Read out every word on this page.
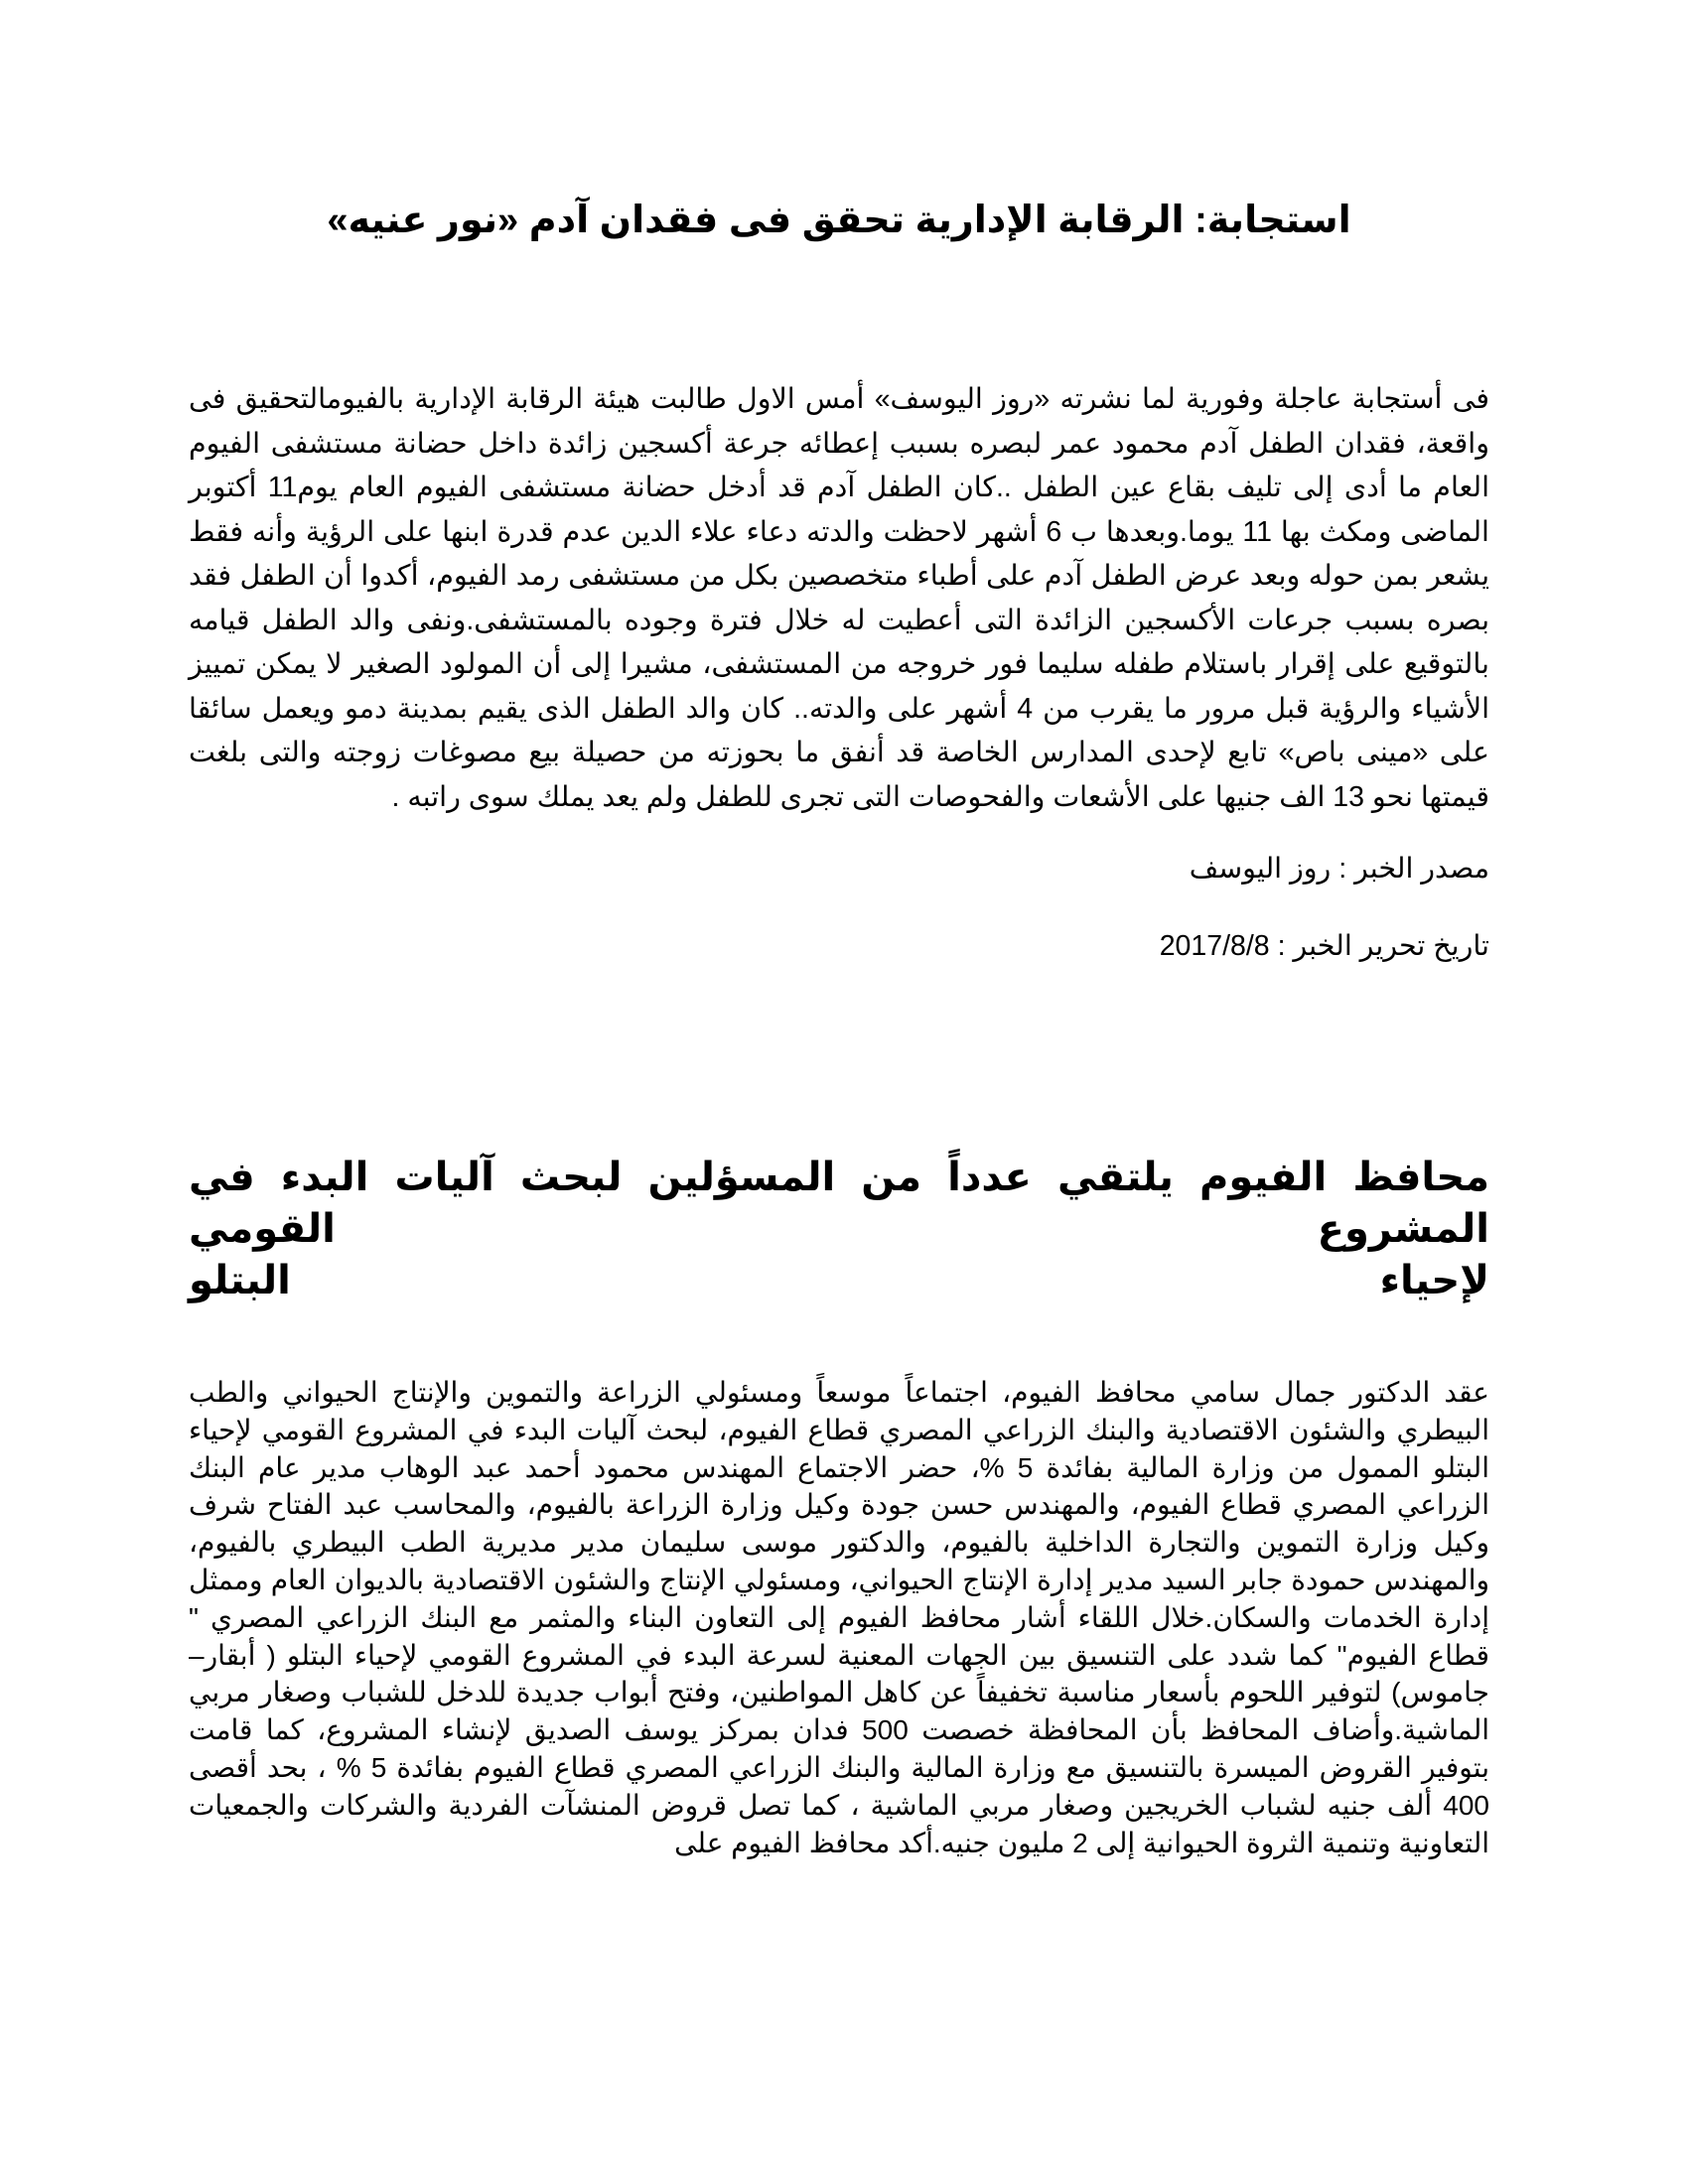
استجابة: الرقابة الإدارية تحقق فى فقدان آدم «نور عنيه»

فى أستجابة عاجلة وفورية لما نشرته «روز اليوسف» أمس الاول طالبت هيئة الرقابة الإدارية بالفيومالتحقيق فى واقعة، فقدان الطفل آدم محمود عمر لبصره بسبب إعطائه جرعة أكسجين زائدة داخل حضانة مستشفى الفيوم العام ما أدى إلى تليف بقاع عين الطفل ..كان الطفل آدم قد أدخل حضانة مستشفى الفيوم العام يوم11 أكتوبر الماضى ومكث بها 11 يوما.وبعدها ب 6 أشهر لاحظت والدته دعاء علاء الدين عدم قدرة ابنها على الرؤية وأنه فقط يشعر بمن حوله وبعد عرض الطفل آدم على أطباء متخصصين بكل من مستشفى رمد الفيوم، أكدوا أن الطفل فقد بصره بسبب جرعات الأكسجين الزائدة التى أعطيت له خلال فترة وجوده بالمستشفى.ونفى والد الطفل قيامه بالتوقيع على إقرار باستلام طفله سليما فور خروجه من المستشفى، مشيرا إلى أن المولود الصغير لا يمكن تمييز الأشياء والرؤية قبل مرور ما يقرب من 4 أشهر على والدته.. كان والد الطفل الذى يقيم بمدينة دمو ويعمل سائقا على «مينى باص» تابع لإحدى المدارس الخاصة قد أنفق ما بحوزته من حصيلة بيع مصوغات زوجته والتى بلغت قيمتها نحو 13 الف جنيها على الأشعات والفحوصات التى تجرى للطفل ولم يعد يملك سوى راتبه .

مصدر الخبر : روز اليوسف

تاريخ تحرير الخبر : 2017/8/8

محافظ الفيوم يلتقي عدداً من المسؤلين لبحث آليات البدء في المشروع القومي
لإحياء
البتلو

عقد الدكتور جمال سامي محافظ الفيوم، اجتماعاً موسعاً ومسئولي الزراعة والتموين والإنتاج الحيواني والطب البيطري والشئون الاقتصادية والبنك الزراعي المصري قطاع الفيوم، لبحث آليات البدء في المشروع القومي لإحياء البتلو الممول من وزارة المالية بفائدة 5 %، حضر الاجتماع المهندس محمود أحمد عبد الوهاب مدير عام البنك الزراعي المصري قطاع الفيوم، والمهندس حسن جودة وكيل وزارة الزراعة بالفيوم، والمحاسب عبد الفتاح شرف وكيل وزارة التموين والتجارة الداخلية بالفيوم، والدكتور موسى سليمان مدير مديرية الطب البيطري بالفيوم، والمهندس حمودة جابر السيد مدير إدارة الإنتاج الحيواني، ومسئولي الإنتاج والشئون الاقتصادية بالديوان العام وممثل إدارة الخدمات والسكان.خلال اللقاء أشار محافظ الفيوم إلى التعاون البناء والمثمر مع البنك الزراعي المصري " قطاع الفيوم" كما شدد على التنسيق بين الجهات المعنية لسرعة البدء في المشروع القومي لإحياء البتلو ( أبقار– جاموس) لتوفير اللحوم بأسعار مناسبة تخفيفاً عن كاهل المواطنين، وفتح أبواب جديدة للدخل للشباب وصغار مربي الماشية.وأضاف المحافظ بأن المحافظة خصصت 500 فدان بمركز يوسف الصديق لإنشاء المشروع، كما قامت بتوفير القروض الميسرة بالتنسيق مع وزارة المالية والبنك الزراعي المصري قطاع الفيوم بفائدة 5 % ، بحد أقصى 400 ألف جنيه لشباب الخريجين وصغار مربي الماشية ، كما تصل قروض المنشآت الفردية والشركات والجمعيات التعاونية وتنمية الثروة الحيوانية إلى 2 مليون جنيه.أكد محافظ الفيوم على
